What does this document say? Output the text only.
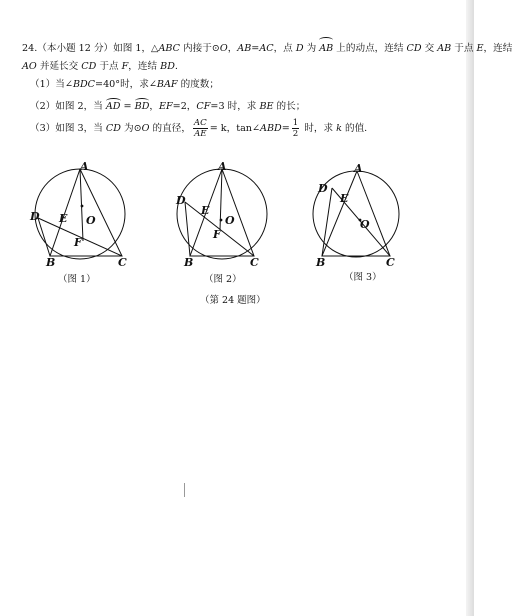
24.（本小题 12 分）如图 1，△ABC 内接于⊙O，AB=AC，点 D 为 AB 上的动点，连结 CD 交 AB 于点 E，连结
AO 并延长交 CD 于点 F，连结 BD.
（1）当∠BDC=40°时，求∠BAF 的度数；
（2）如图 2，当 AD = BD，EF=2，CF=3 时，求 BE 的长；
（3）如图 3，当 CD 为⊙O 的直径， $\frac{AC}{AE} = k$，tan∠ABD= $\frac{1}{2}$ 时，求 k 的值.
A
D E O
F
B	C
（图 1）
A
D
E
O
F
B	C
（图 2）
A
D
E
O
B	C
（图 3）
（第 24 题图）
